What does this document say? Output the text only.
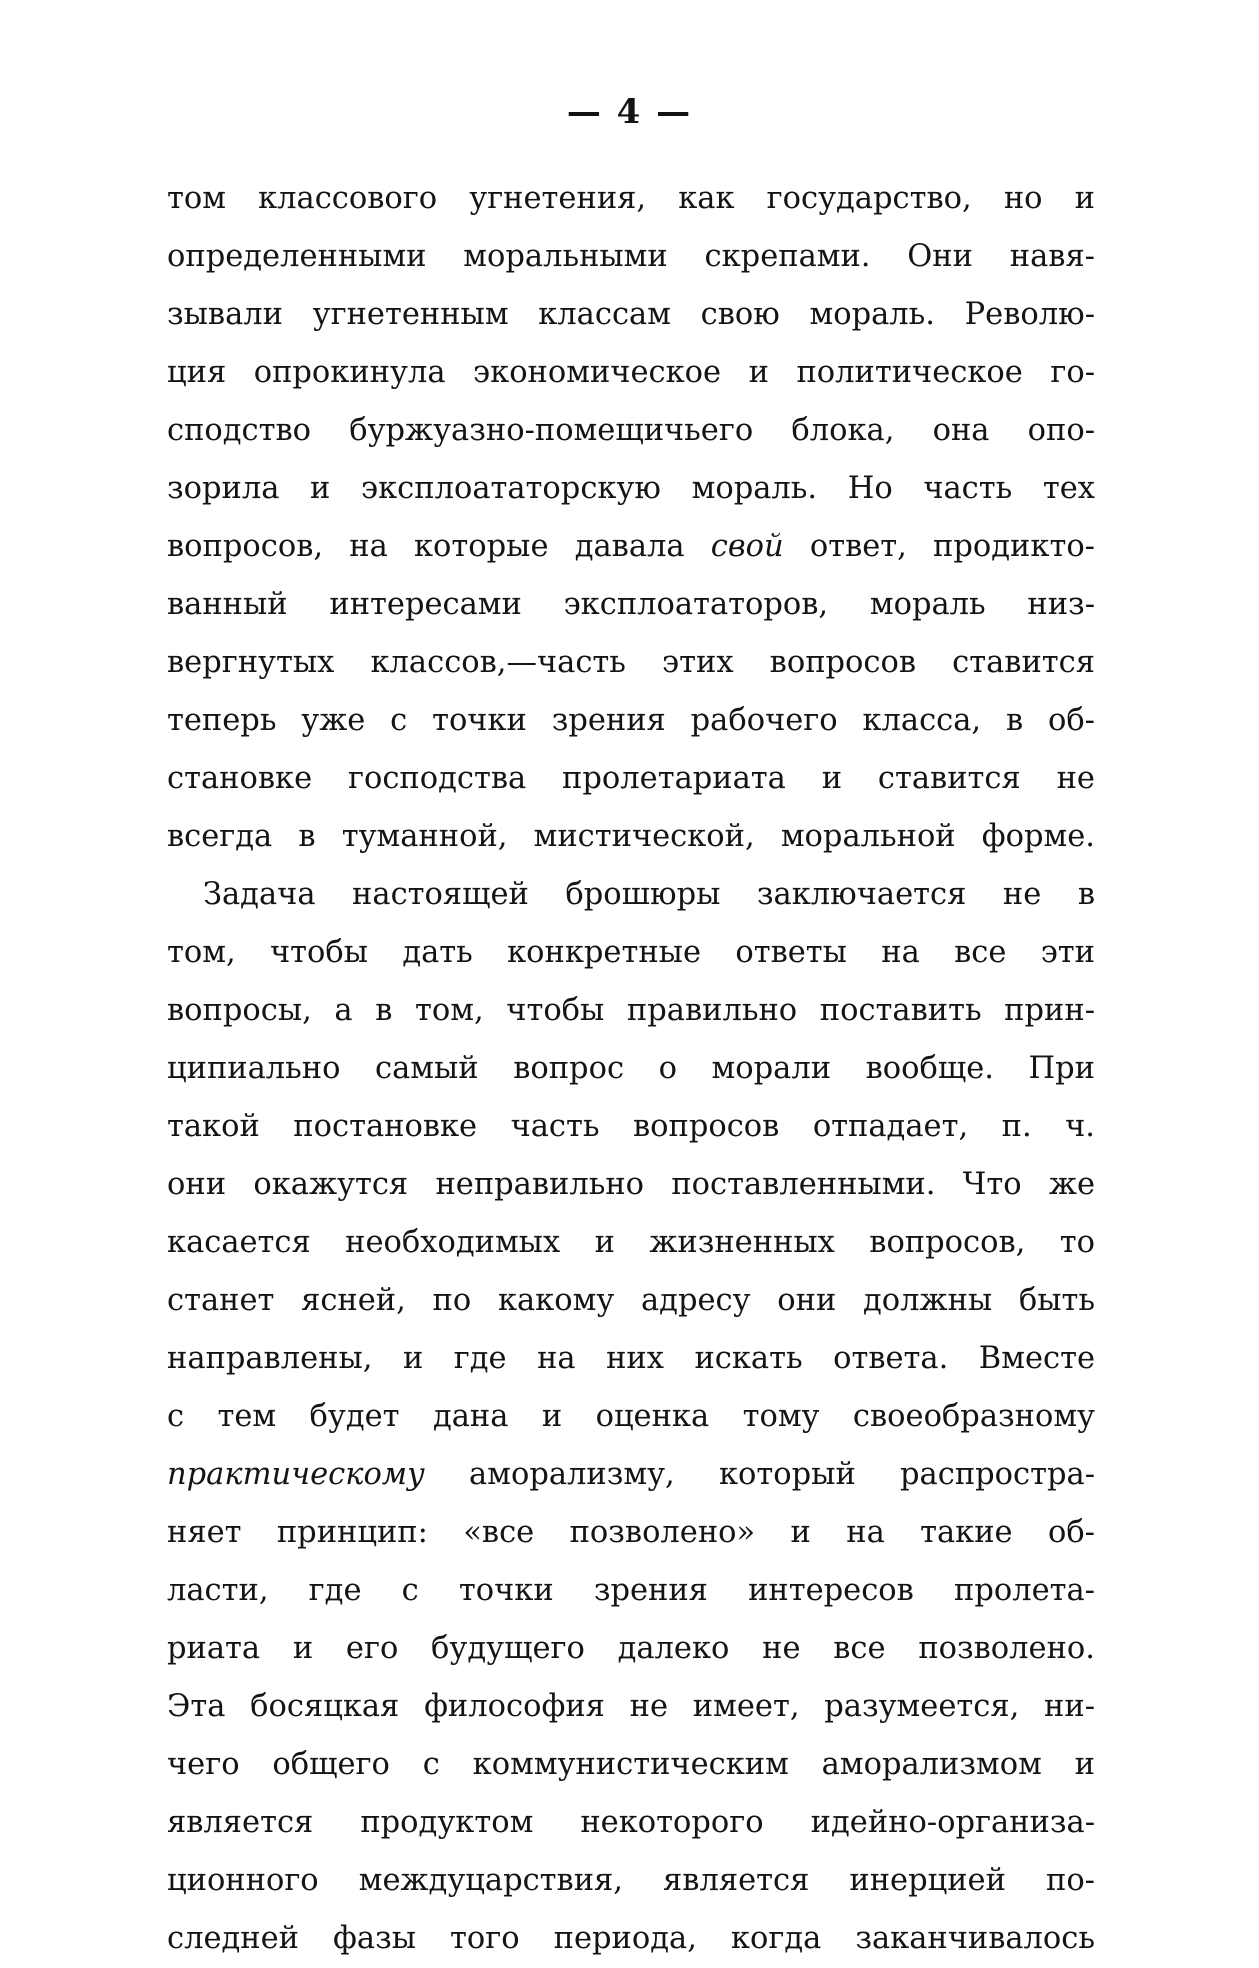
— 4 —
том классового угнетения, как государство, но и
определенными моральными скрепами. Они навя-
зывали угнетенным классам свою мораль. Револю-
ция опрокинула экономическое и политическое го-
сподство буржуазно-помещичьего блока, она опо-
зорила и эксплоататорскую мораль. Но часть тех
вопросов, на которые давала свой ответ, продикто-
ванный интересами эксплоататоров, мораль низ-
вергнутых классов,—часть этих вопросов ставится
теперь уже с точки зрения рабочего класса, в об-
становке господства пролетариата и ставится не
всегда в туманной, мистической, моральной форме.
Задача настоящей брошюры заключается не в
том, чтобы дать конкретные ответы на все эти
вопросы, а в том, чтобы правильно поставить прин-
ципиально самый вопрос о морали вообще. При
такой постановке часть вопросов отпадает, п. ч.
они окажутся неправильно поставленными. Что же
касается необходимых и жизненных вопросов, то
станет ясней, по какому адресу они должны быть
направлены, и где на них искать ответа. Вместе
с тем будет дана и оценка тому своеобразному
практическому аморализму, который распростра-
няет принцип: «все позволено» и на такие об-
ласти, где с точки зрения интересов пролета-
риата и его будущего далеко не все позволено.
Эта босяцкая философия не имеет, разумеется, ни-
чего общего с коммунистическим аморализмом и
является продуктом некоторого идейно-организа-
ционного междуцарствия, является инерцией по-
следней фазы того периода, когда заканчивалось
